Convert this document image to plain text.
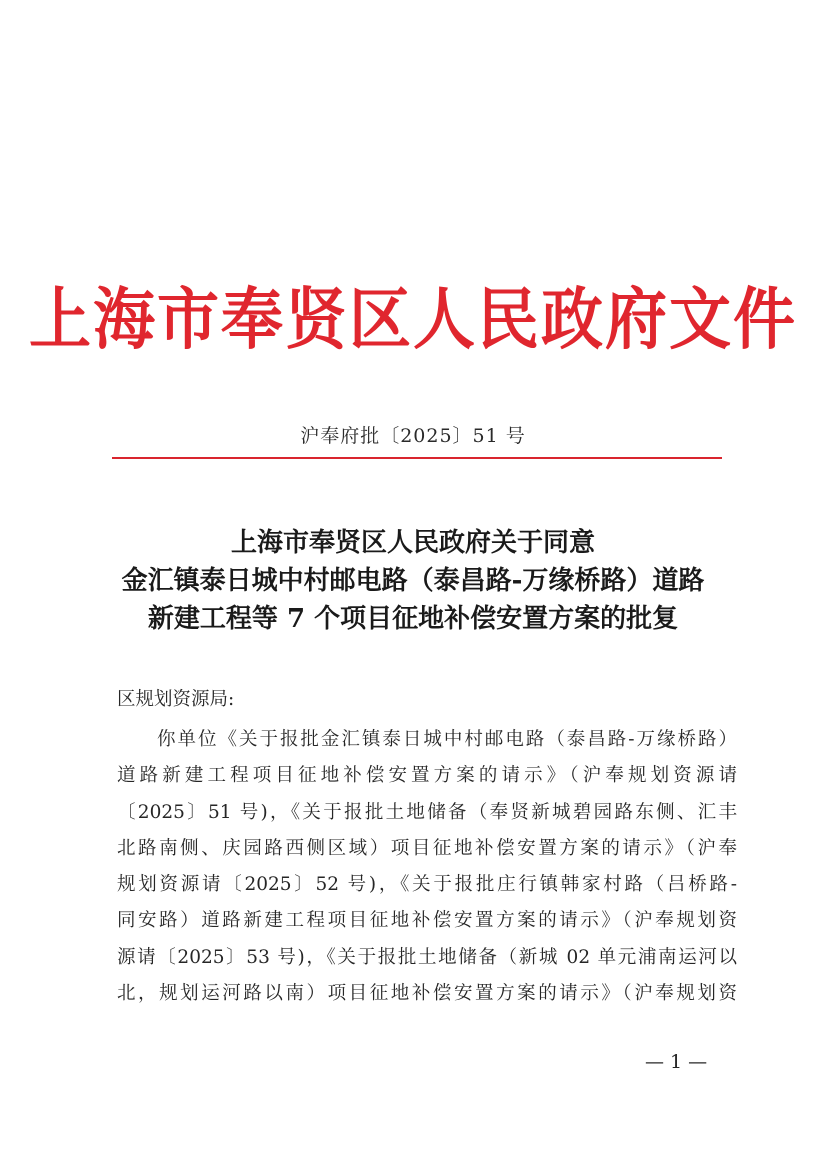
上海市奉贤区人民政府文件
沪奉府批〔2025〕51 号
上海市奉贤区人民政府关于同意
金汇镇泰日城中村邮电路（泰昌路-万缘桥路）道路
新建工程等 7 个项目征地补偿安置方案的批复
区规划资源局:
你单位《关于报批金汇镇泰日城中村邮电路（泰昌路-万缘桥路）
道路新建工程项目征地补偿安置方案的请示》（沪奉规划资源请
〔2025〕51 号)，《关于报批土地储备（奉贤新城碧园路东侧、汇丰
北路南侧、庆园路西侧区域）项目征地补偿安置方案的请示》（沪奉
规划资源请〔2025〕52 号)，《关于报批庄行镇韩家村路（吕桥路-
同安路）道路新建工程项目征地补偿安置方案的请示》（沪奉规划资
源请〔2025〕53 号)，《关于报批土地储备（新城 02 单元浦南运河以
北，规划运河路以南）项目征地补偿安置方案的请示》（沪奉规划资
— 1 —
